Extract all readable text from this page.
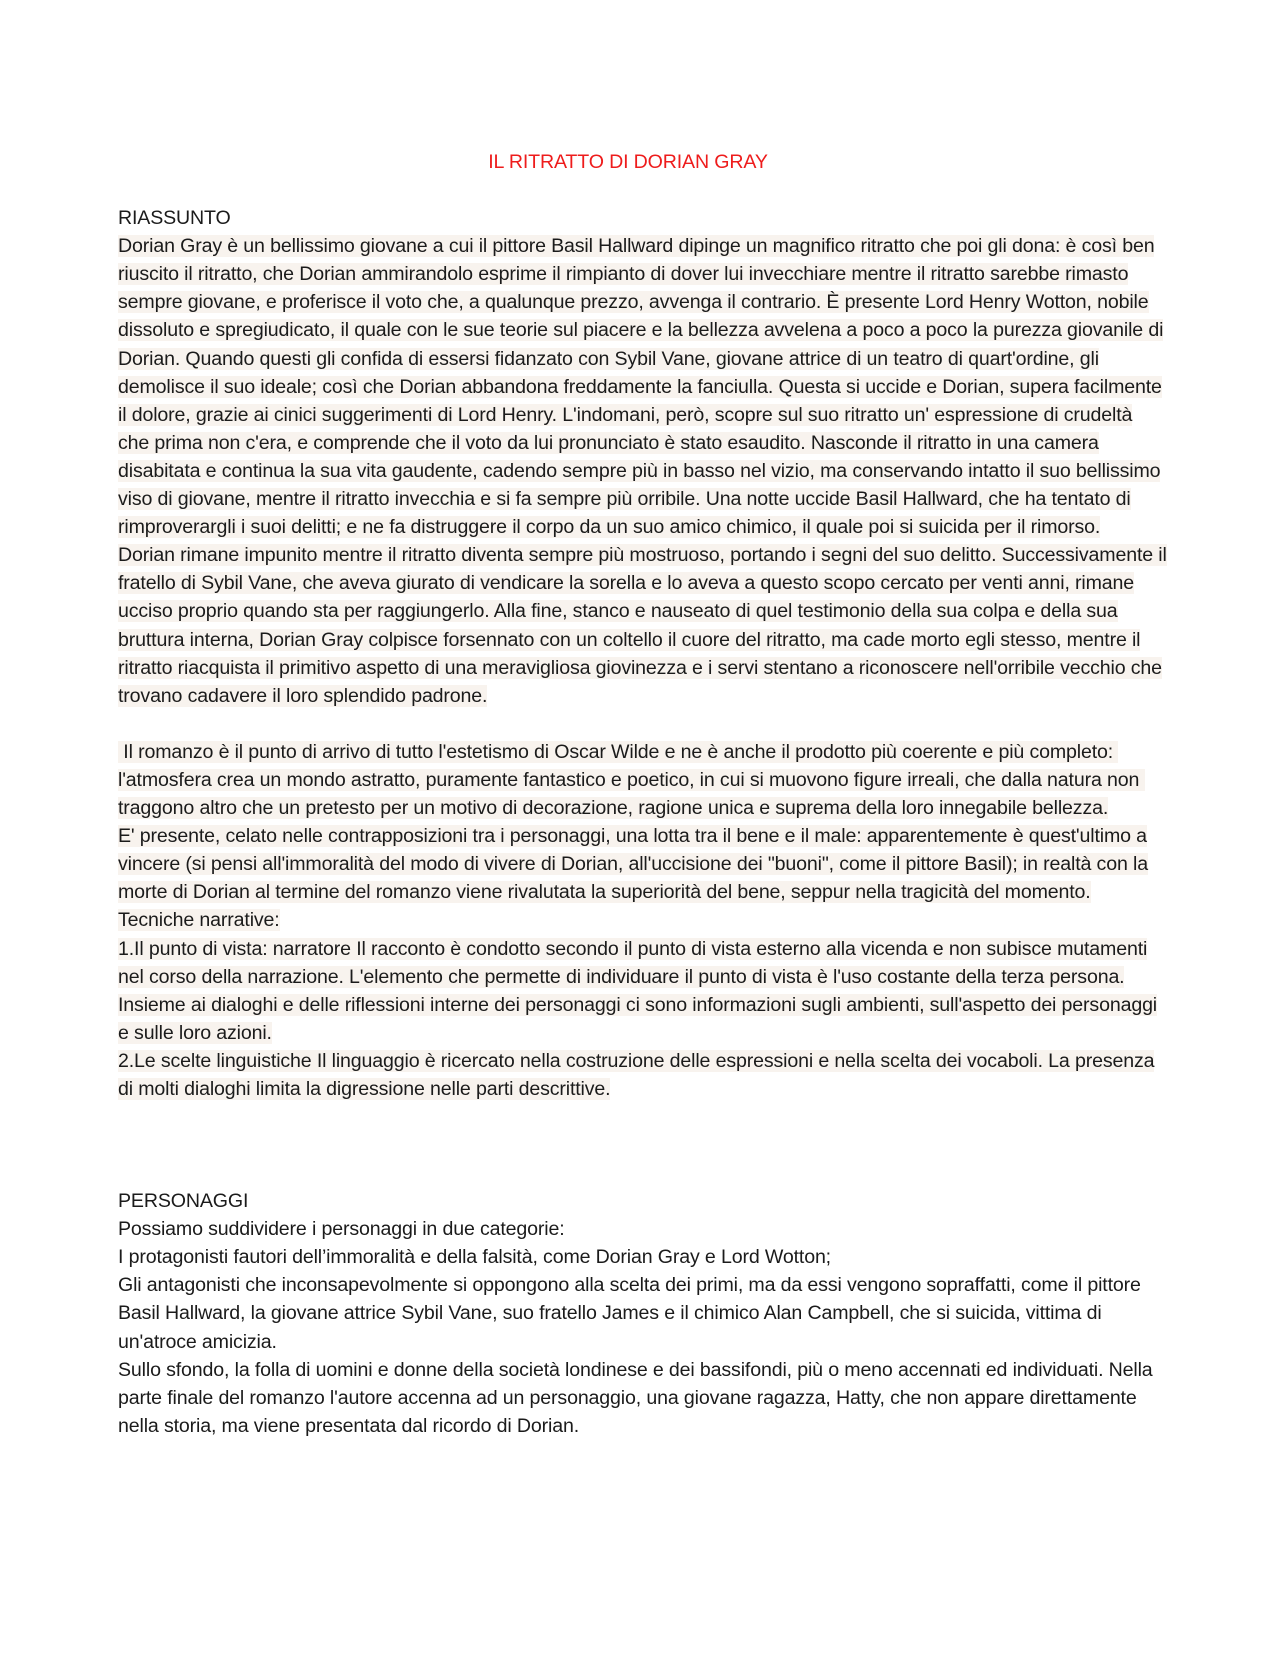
IL RITRATTO DI DORIAN GRAY

RIASSUNTO

Dorian Gray è un bellissimo giovane a cui il pittore Basil Hallward dipinge un magnifico ritratto che poi gli dona: è così ben riuscito il ritratto, che Dorian ammirandolo esprime il rimpianto di dover lui invecchiare mentre il ritratto sarebbe rimasto sempre giovane, e proferisce il voto che, a qualunque prezzo, avvenga il contrario. È presente Lord Henry Wotton, nobile dissoluto e spregiudicato, il quale con le sue teorie sul piacere e la bellezza avvelena a poco a poco la purezza giovanile di Dorian. Quando questi gli confida di essersi fidanzato con Sybil Vane, giovane attrice di un teatro di quart'ordine, gli demolisce il suo ideale; così che Dorian abbandona freddamente la fanciulla. Questa si uccide e Dorian, supera facilmente il dolore, grazie ai cinici suggerimenti di Lord Henry. L'indomani, però, scopre sul suo ritratto un' espressione di crudeltà che prima non c'era, e comprende che il voto da lui pronunciato è stato esaudito. Nasconde il ritratto in una camera disabitata e continua la sua vita gaudente, cadendo sempre più in basso nel vizio, ma conservando intatto il suo bellissimo viso di giovane, mentre il ritratto invecchia e si fa sempre più orribile. Una notte uccide Basil Hallward, che ha tentato di rimproverargli i suoi delitti; e ne fa distruggere il corpo da un suo amico chimico, il quale poi si suicida per il rimorso.

Dorian rimane impunito mentre il ritratto diventa sempre più mostruoso, portando i segni del suo delitto. Successivamente il fratello di Sybil Vane, che aveva giurato di vendicare la sorella e lo aveva a questo scopo cercato per venti anni, rimane ucciso proprio quando sta per raggiungerlo. Alla fine, stanco e nauseato di quel testimonio della sua colpa e della sua bruttura interna, Dorian Gray colpisce forsennato con un coltello il cuore del ritratto, ma cade morto egli stesso, mentre il ritratto riacquista il primitivo aspetto di una meravigliosa giovinezza e i servi stentano a riconoscere nell'orribile vecchio che trovano cadavere il loro splendido padrone.

Il romanzo è il punto di arrivo di tutto l'estetismo di Oscar Wilde e ne è anche il prodotto più coerente e più completo: l'atmosfera crea un mondo astratto, puramente fantastico e poetico, in cui si muovono figure irreali, che dalla natura non traggono altro che un pretesto per un motivo di decorazione, ragione unica e suprema della loro innegabile bellezza.

E' presente, celato nelle contrapposizioni tra i personaggi, una lotta tra il bene e il male: apparentemente è quest'ultimo a vincere (si pensi all'immoralità del modo di vivere di Dorian, all'uccisione dei "buoni", come il pittore Basil); in realtà con la morte di Dorian al termine del romanzo viene rivalutata la superiorità del bene, seppur nella tragicità del momento. Tecniche narrative:

1.Il punto di vista: narratore Il racconto è condotto secondo il punto di vista esterno alla vicenda e non subisce mutamenti nel corso della narrazione. L'elemento che permette di individuare il punto di vista è l'uso costante della terza persona. Insieme ai dialoghi e delle riflessioni interne dei personaggi ci sono informazioni sugli ambienti, sull'aspetto dei personaggi e sulle loro azioni.

2.Le scelte linguistiche Il linguaggio è ricercato nella costruzione delle espressioni e nella scelta dei vocaboli. La presenza di molti dialoghi limita la digressione nelle parti descrittive.

PERSONAGGI

Possiamo suddividere i personaggi in due categorie:

I protagonisti fautori dell’immoralità e della falsità, come Dorian Gray e Lord Wotton;

Gli antagonisti che inconsapevolmente si oppongono alla scelta dei primi, ma da essi vengono sopraffatti, come il pittore Basil Hallward, la giovane attrice Sybil Vane, suo fratello James e il chimico Alan Campbell, che si suicida, vittima di un'atroce amicizia.

Sullo sfondo, la folla di uomini e donne della società londinese e dei bassifondi, più o meno accennati ed individuati. Nella parte finale del romanzo l'autore accenna ad un personaggio, una giovane ragazza, Hatty, che non appare direttamente nella storia, ma viene presentata dal ricordo di Dorian.
